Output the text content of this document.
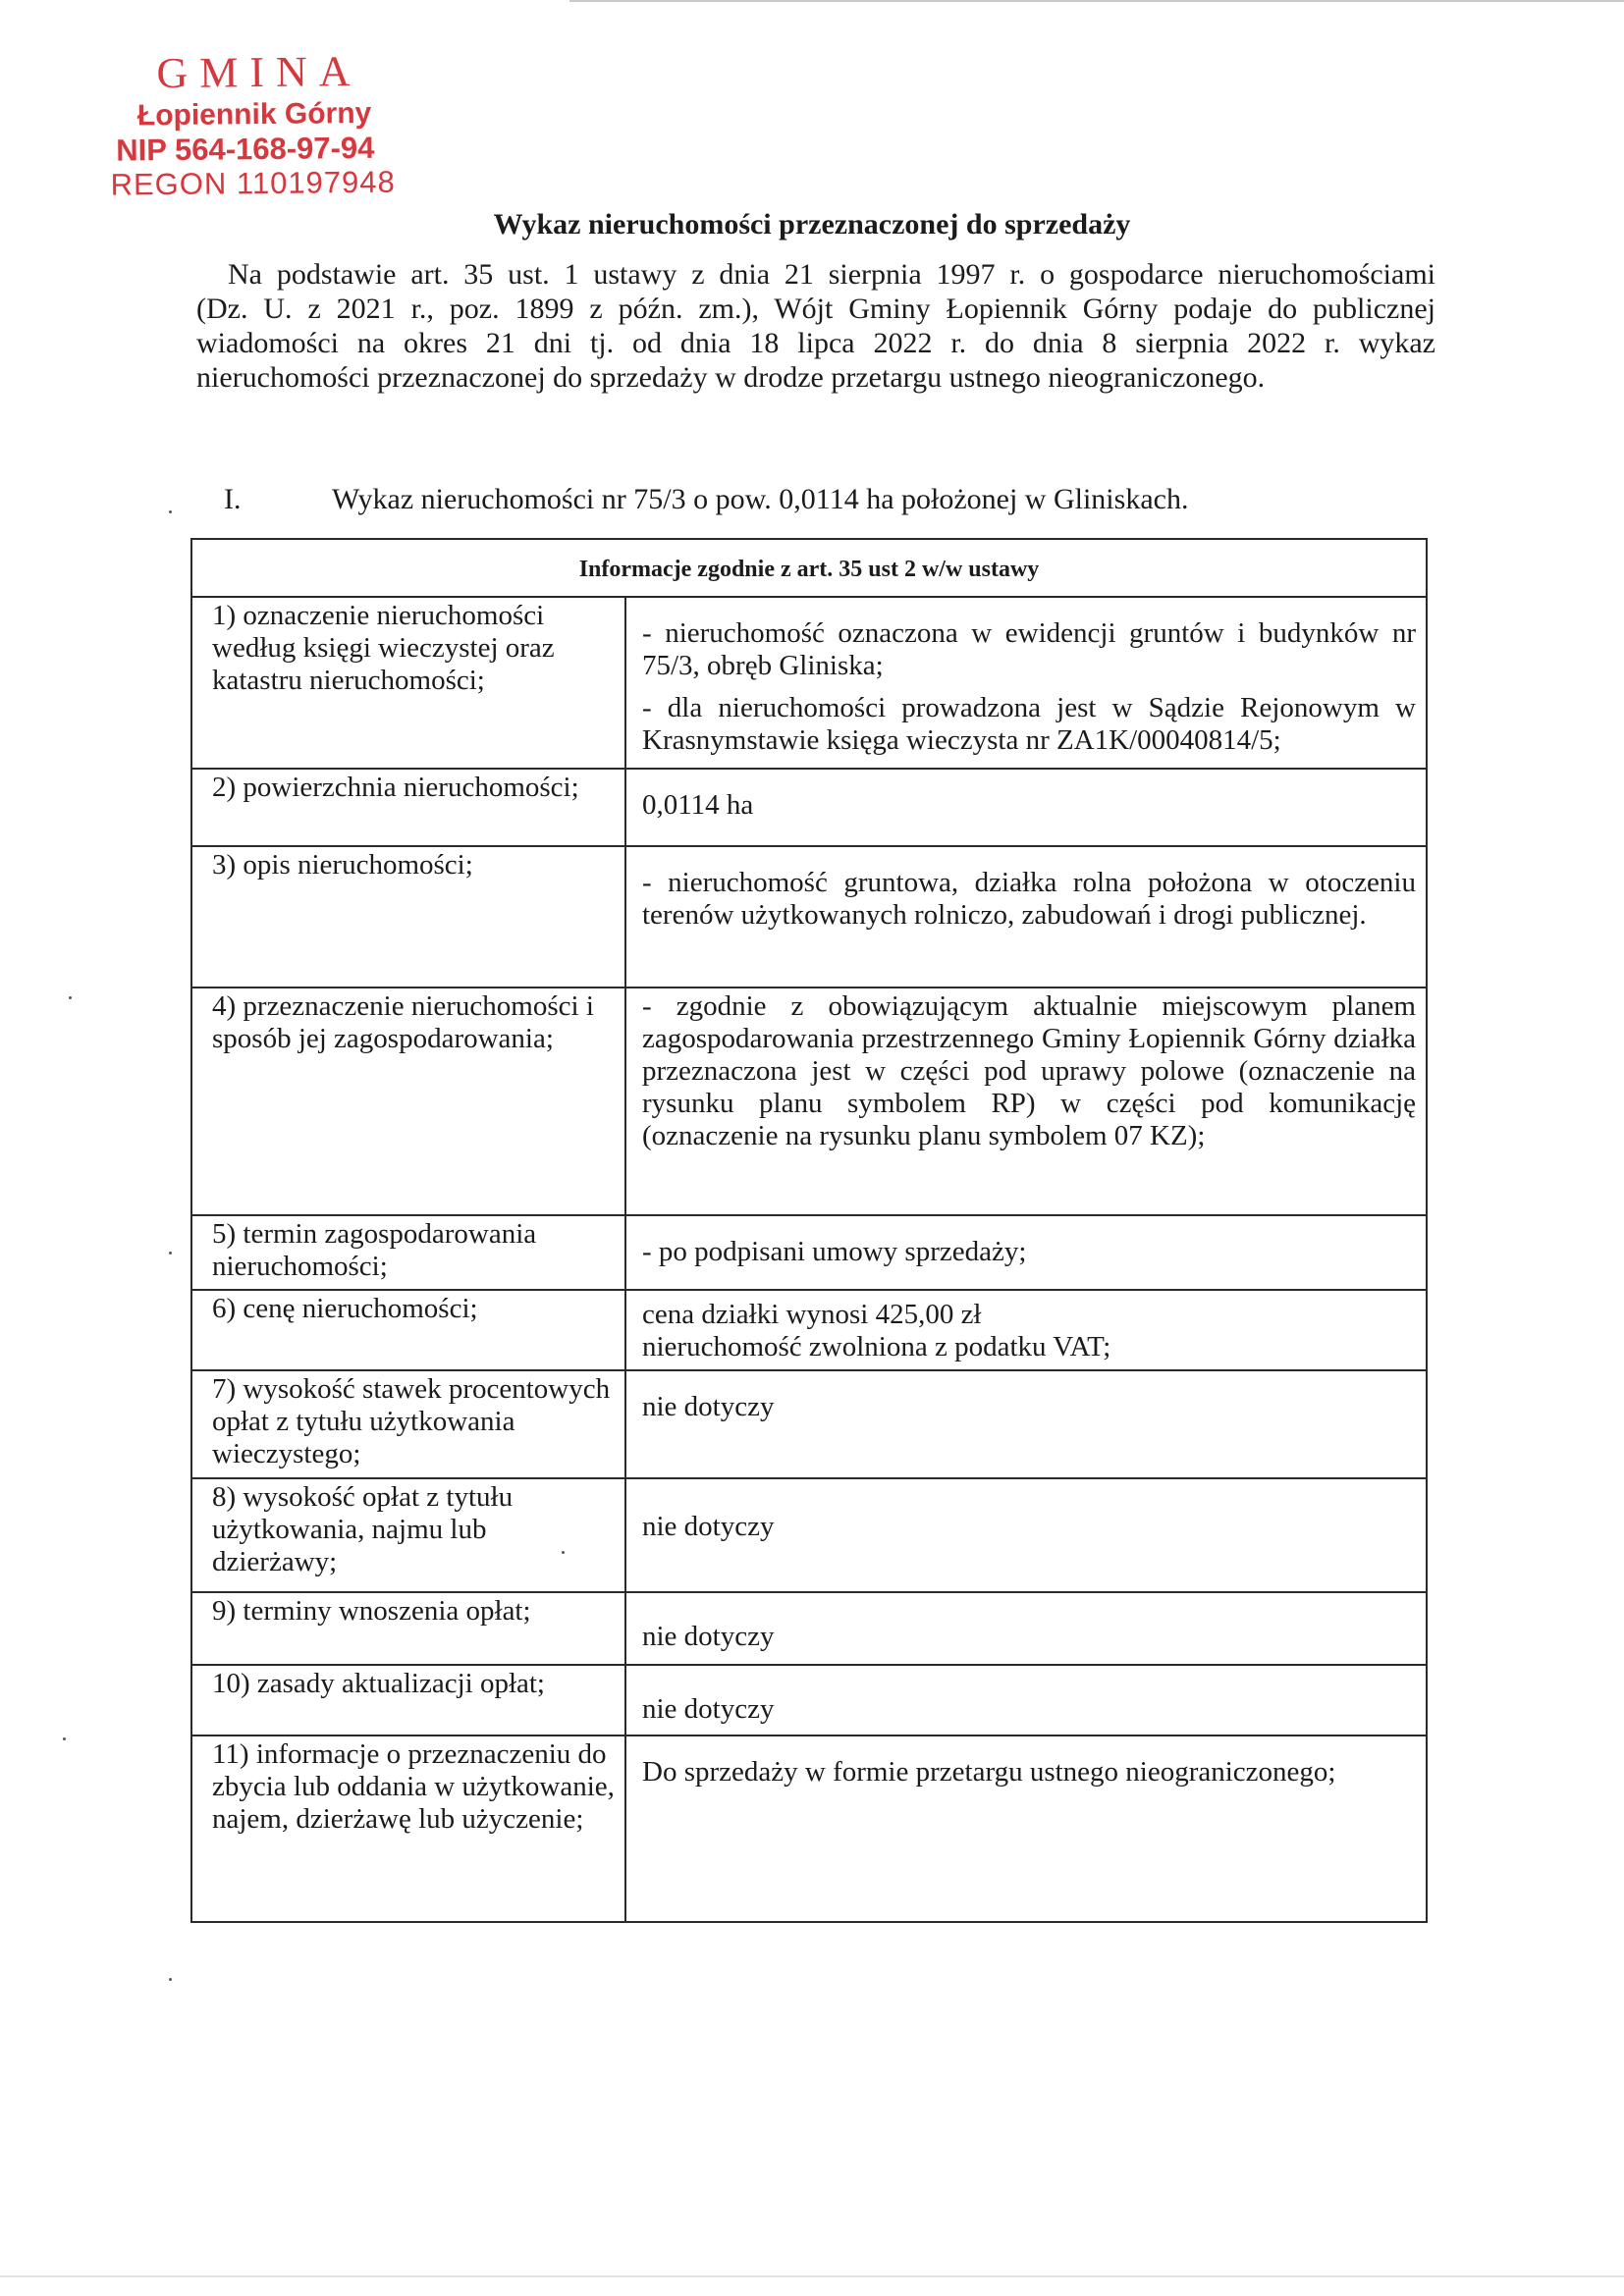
GMINA
Łopiennik Górny
NIP 564-168-97-94
REGON 110197948
Wykaz nieruchomości przeznaczonej do sprzedaży
Na podstawie art. 35 ust. 1 ustawy z dnia 21 sierpnia 1997 r. o gospodarce nieruchomościami
(Dz. U. z 2021 r., poz. 1899 z późn. zm.), Wójt Gminy Łopiennik Górny podaje do publicznej
wiadomości na okres 21 dni tj. od dnia 18 lipca 2022 r. do dnia 8 sierpnia 2022 r. wykaz
nieruchomości przeznaczonej do sprzedaży w drodze przetargu ustnego nieograniczonego.
I.	Wykaz nieruchomości nr 75/3 o pow. 0,0114 ha położonej w Gliniskach.
Informacje zgodnie z art. 35 ust 2 w/w ustawy	
1) oznaczenie nieruchomości według księgi wieczystej oraz katastru nieruchomości;	- nieruchomość oznaczona w ewidencji gruntów i budynków nr 75/3, obręb Gliniska;
- dla nieruchomości prowadzona jest w Sądzie Rejonowym w Krasnymstawie księga wieczysta nr ZA1K/00040814/5;

2) powierzchnia nieruchomości;	0,0114 ha

3) opis nieruchomości;	- nieruchomość gruntowa, działka rolna położona w otoczeniu terenów użytkowanych rolniczo, zabudowań i drogi publicznej.

4) przeznaczenie nieruchomości i sposób jej zagospodarowania;	- zgodnie z obowiązującym aktualnie miejscowym planem zagospodarowania przestrzennego Gminy Łopiennik Górny działka przeznaczona jest w części pod uprawy polowe (oznaczenie na rysunku planu symbolem RP) w części pod komunikację (oznaczenie na rysunku planu symbolem 07 KZ);

5) termin zagospodarowania nieruchomości;	- po podpisani umowy sprzedaży;

6) cenę nieruchomości;	cena działki wynosi 425,00 zł
nieruchomość zwolniona z podatku VAT;

7) wysokość stawek procentowych opłat z tytułu użytkowania wieczystego;	nie dotyczy

8) wysokość opłat z tytułu użytkowania, najmu lub dzierżawy;	nie dotyczy

9) terminy wnoszenia opłat;	nie dotyczy

10) zasady aktualizacji opłat;	nie dotyczy

11) informacje o przeznaczeniu do zbycia lub oddania w użytkowanie, najem, dzierżawę lub użyczenie;	Do sprzedaży w formie przetargu ustnego nieograniczonego;
